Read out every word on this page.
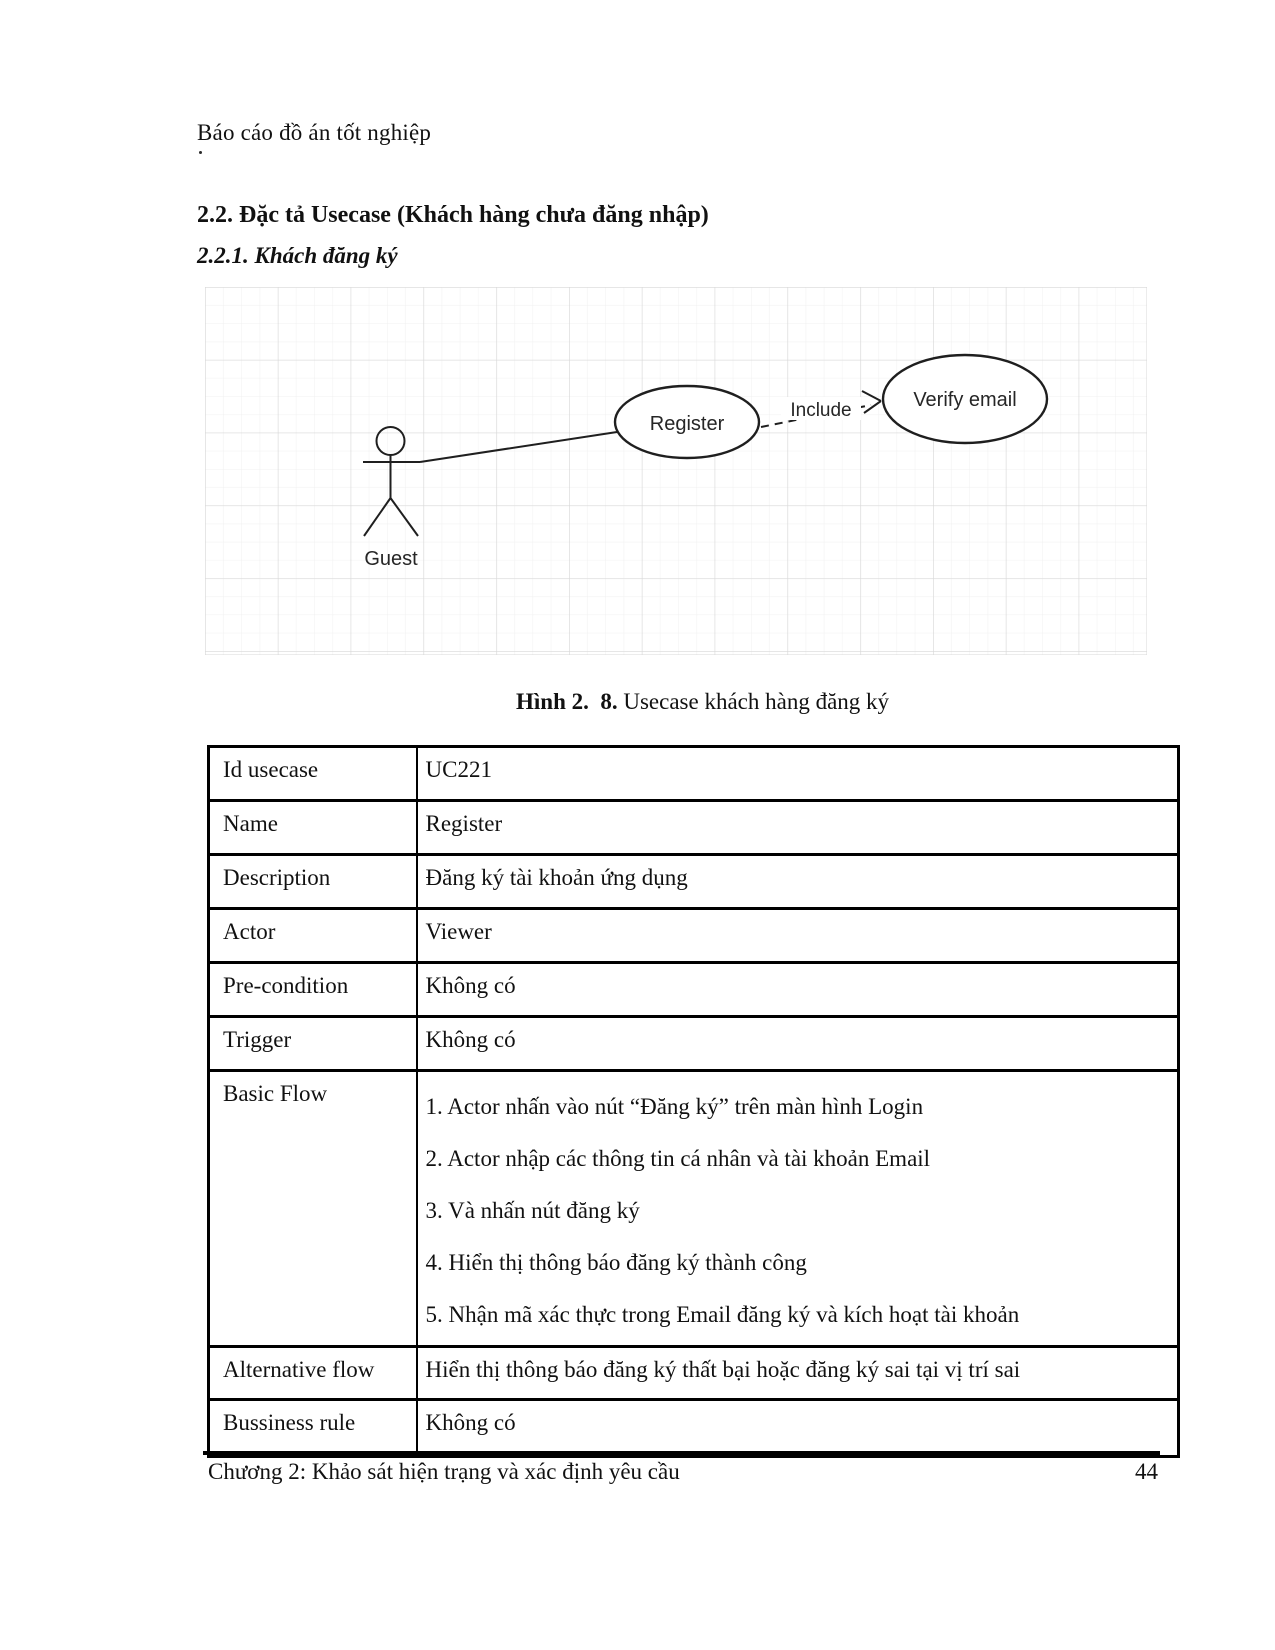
Báo cáo đồ án tốt nghiệp
2.2. Đặc tả Usecase (Khách hàng chưa đăng nhập)
2.2.1. Khách đăng ký
Guest
Register
Include	Verify email
Hình 2.  8. Usecase khách hàng đăng ký
Id usecase	UC221
Name	Register
Description	Đăng ký tài khoản ứng dụng
Actor	Viewer
Pre-condition	Không có
Trigger	Không có
Basic Flow	1. Actor nhấn vào nút “Đăng ký” trên màn hình Login

2. Actor nhập các thông tin cá nhân và tài khoản Email

3. Và nhấn nút đăng ký

4. Hiển thị thông báo đăng ký thành công

5. Nhận mã xác thực trong Email đăng ký và kích hoạt tài khoản

Alternative flow	Hiển thị thông báo đăng ký thất bại hoặc đăng ký sai tại vị trí sai
Bussiness rule	Không có
Chương 2: Khảo sát hiện trạng và xác định yêu cầu	44
